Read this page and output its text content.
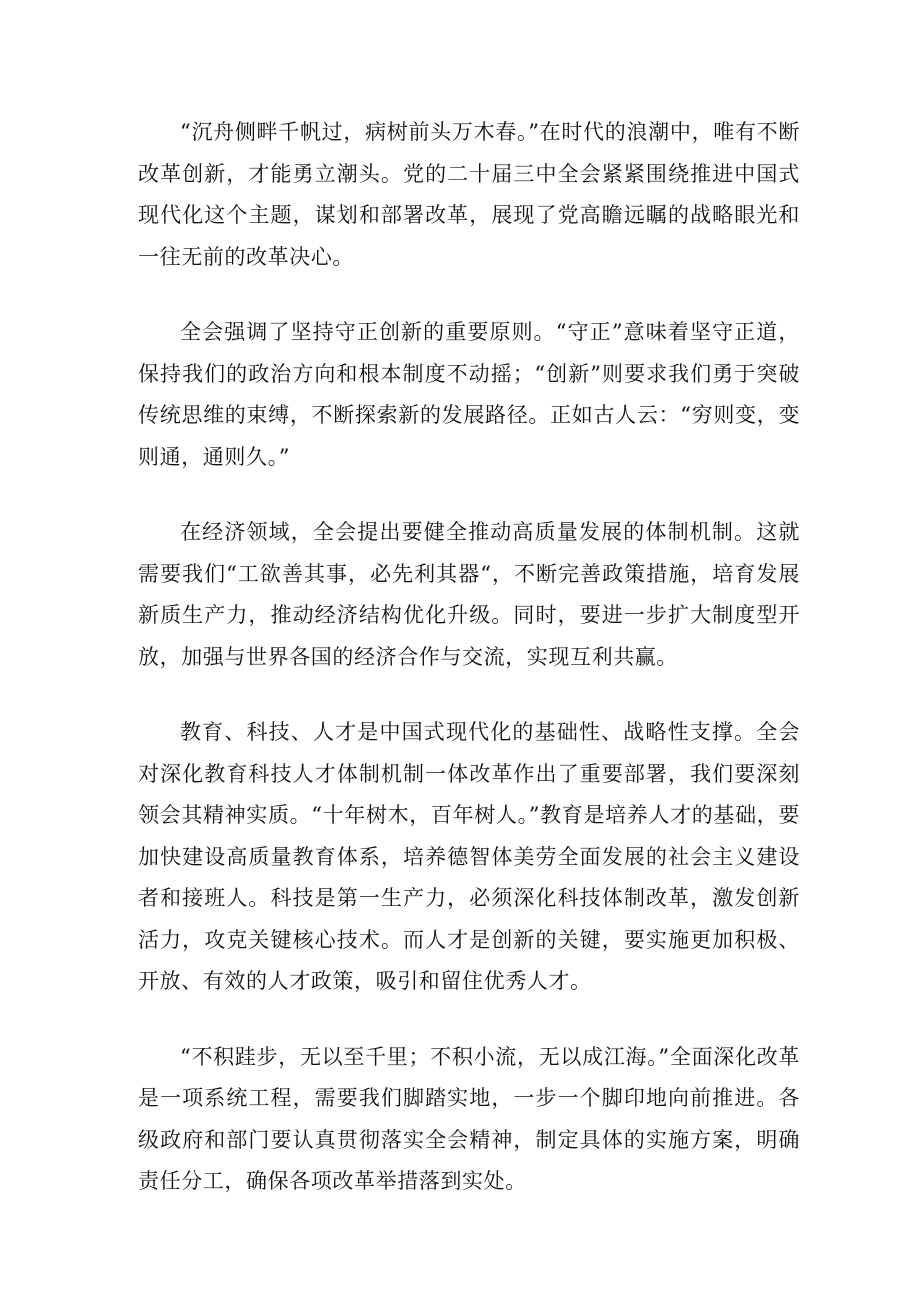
“沉舟侧畔千帆过，病树前头万木春。”在时代的浪潮中，唯有不断改革创新，才能勇立潮头。党的二十届三中全会紧紧围绕推进中国式现代化这个主题，谋划和部署改革，展现了党高瞻远瞩的战略眼光和一往无前的改革决心。

全会强调了坚持守正创新的重要原则。“守正”意味着坚守正道，保持我们的政治方向和根本制度不动摇；“创新”则要求我们勇于突破传统思维的束缚，不断探索新的发展路径。正如古人云：“穷则变，变则通，通则久。”

在经济领域，全会提出要健全推动高质量发展的体制机制。这就需要我们“工欲善其事，必先利其器“，不断完善政策措施，培育发展新质生产力，推动经济结构优化升级。同时，要进一步扩大制度型开放，加强与世界各国的经济合作与交流，实现互利共赢。

教育、科技、人才是中国式现代化的基础性、战略性支撑。全会对深化教育科技人才体制机制一体改革作出了重要部署，我们要深刻领会其精神实质。“十年树木，百年树人。”教育是培养人才的基础，要加快建设高质量教育体系，培养德智体美劳全面发展的社会主义建设者和接班人。科技是第一生产力，必须深化科技体制改革，激发创新活力，攻克关键核心技术。而人才是创新的关键，要实施更加积极、开放、有效的人才政策，吸引和留住优秀人才。

“不积跬步，无以至千里；不积小流，无以成江海。”全面深化改革是一项系统工程，需要我们脚踏实地，一步一个脚印地向前推进。各级政府和部门要认真贯彻落实全会精神，制定具体的实施方案，明确责任分工，确保各项改革举措落到实处。
